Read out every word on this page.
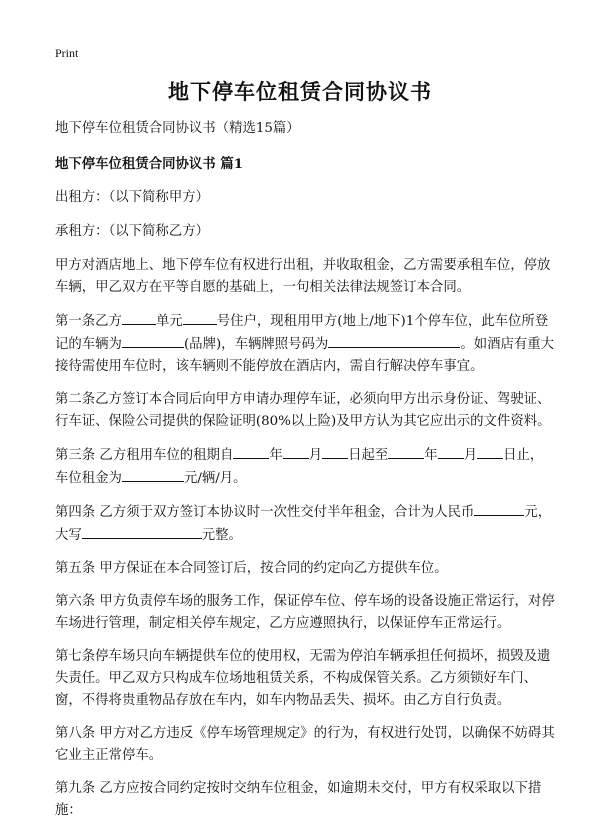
Print
地下停车位租赁合同协议书

地下停车位租赁合同协议书（精选15篇）

地下停车位租赁合同协议书 篇1

出租方：（以下简称甲方）

承租方：（以下简称乙方）

甲方对酒店地上、地下停车位有权进行出租，并收取租金，乙方需要承租车位，停放车辆，甲乙双方在平等自愿的基础上，一句相关法律法规签订本合同。

第一条乙方	单元	号住户，现租用甲方(地上/地下)1个停车位，此车位所登记的车辆为	(品牌)，车辆牌照号码为	。如酒店有重大接待需使用车位时，该车辆则不能停放在酒店内，需自行解决停车事宜。

第二条乙方签订本合同后向甲方申请办理停车证，必须向甲方出示身份证、驾驶证、行车证、保险公司提供的保险证明(80%以上险)及甲方认为其它应出示的文件资料。

第三条 乙方租用车位的租期自	年 月 日起至	年 月 日止，车位租金为	元/辆/月。

第四条 乙方须于双方签订本协议时一次性交付半年租金，合计为人民币	元，大写	元整。

第五条 甲方保证在本合同签订后，按合同的约定向乙方提供车位。

第六条 甲方负责停车场的服务工作，保证停车位、停车场的设备设施正常运行，对停车场进行管理，制定相关停车规定，乙方应遵照执行，以保证停车正常运行。

第七条停车场只向车辆提供车位的使用权，无需为停泊车辆承担任何损坏，损毁及遗失责任。甲乙双方只构成车位场地租赁关系，不构成保管关系。乙方须锁好车门、窗，不得将贵重物品存放在车内，如车内物品丢失、损坏。由乙方自行负责。

第八条 甲方对乙方违反《停车场管理规定》的行为，有权进行处罚，以确保不妨碍其它业主正常停车。

第九条 乙方应按合同约定按时交纳车位租金，如逾期未交付，甲方有权采取以下措施：
